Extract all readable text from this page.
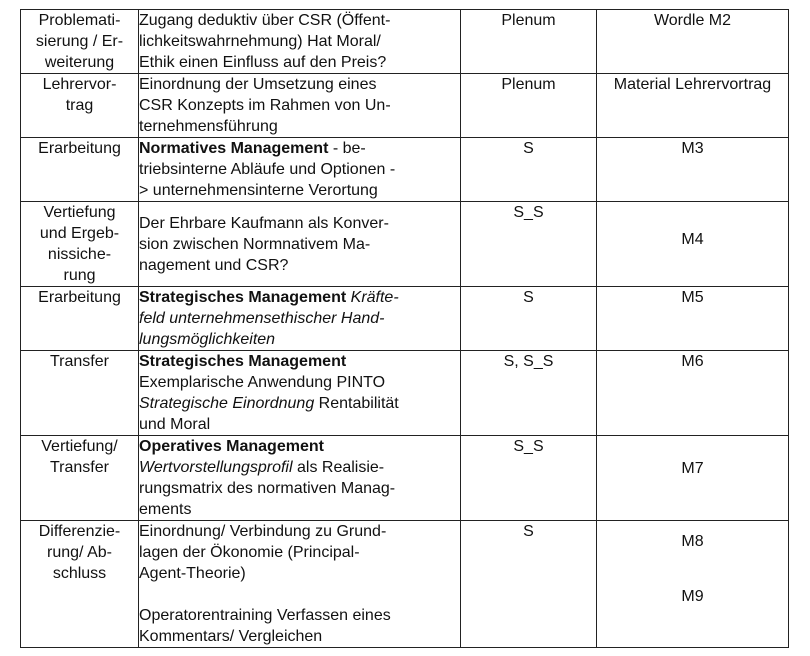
Problemati-
sierung / Er-
weiterung	Zugang deduktiv über CSR (Öffent-
lichkeitswahrnehmung) Hat Moral/
Ethik einen Einfluss auf den Preis?	Plenum	Wordle M2
Lehrervor-
trag	Einordnung der Umsetzung eines
CSR Konzepts im Rahmen von Un-
ternehmensführung	Plenum	Material Lehrervortrag
Erarbeitung	Normatives Management - be-
triebsinterne Abläufe und Optionen -
> unternehmensinterne Verortung	S	M3
Vertiefung
und Ergeb-
nissiche-
rung	Der Ehrbare Kaufmann als Konver-
sion zwischen Normnativem Ma-
nagement und CSR?	S_S	M4
Erarbeitung	Strategisches Management Kräfte-
feld unternehmensethischer Hand-
lungsmöglichkeiten	S	M5
Transfer	Strategisches Management
Exemplarische Anwendung PINTO
Strategische Einordnung Rentabilität
und Moral	S, S_S	M6
Vertiefung/
Transfer	Operatives Management
Wertvorstellungsprofil als Realisie-
rungsmatrix des normativen Manag-
ements	S_S	M7
Differenzie-
rung/ Ab-
schluss	Einordnung/ Verbindung zu Grund-
lagen der Ökonomie (Principal-
Agent-Theorie)
Operatorentraining Verfassen eines
Kommentars/ Vergleichen	S	M8
M9
